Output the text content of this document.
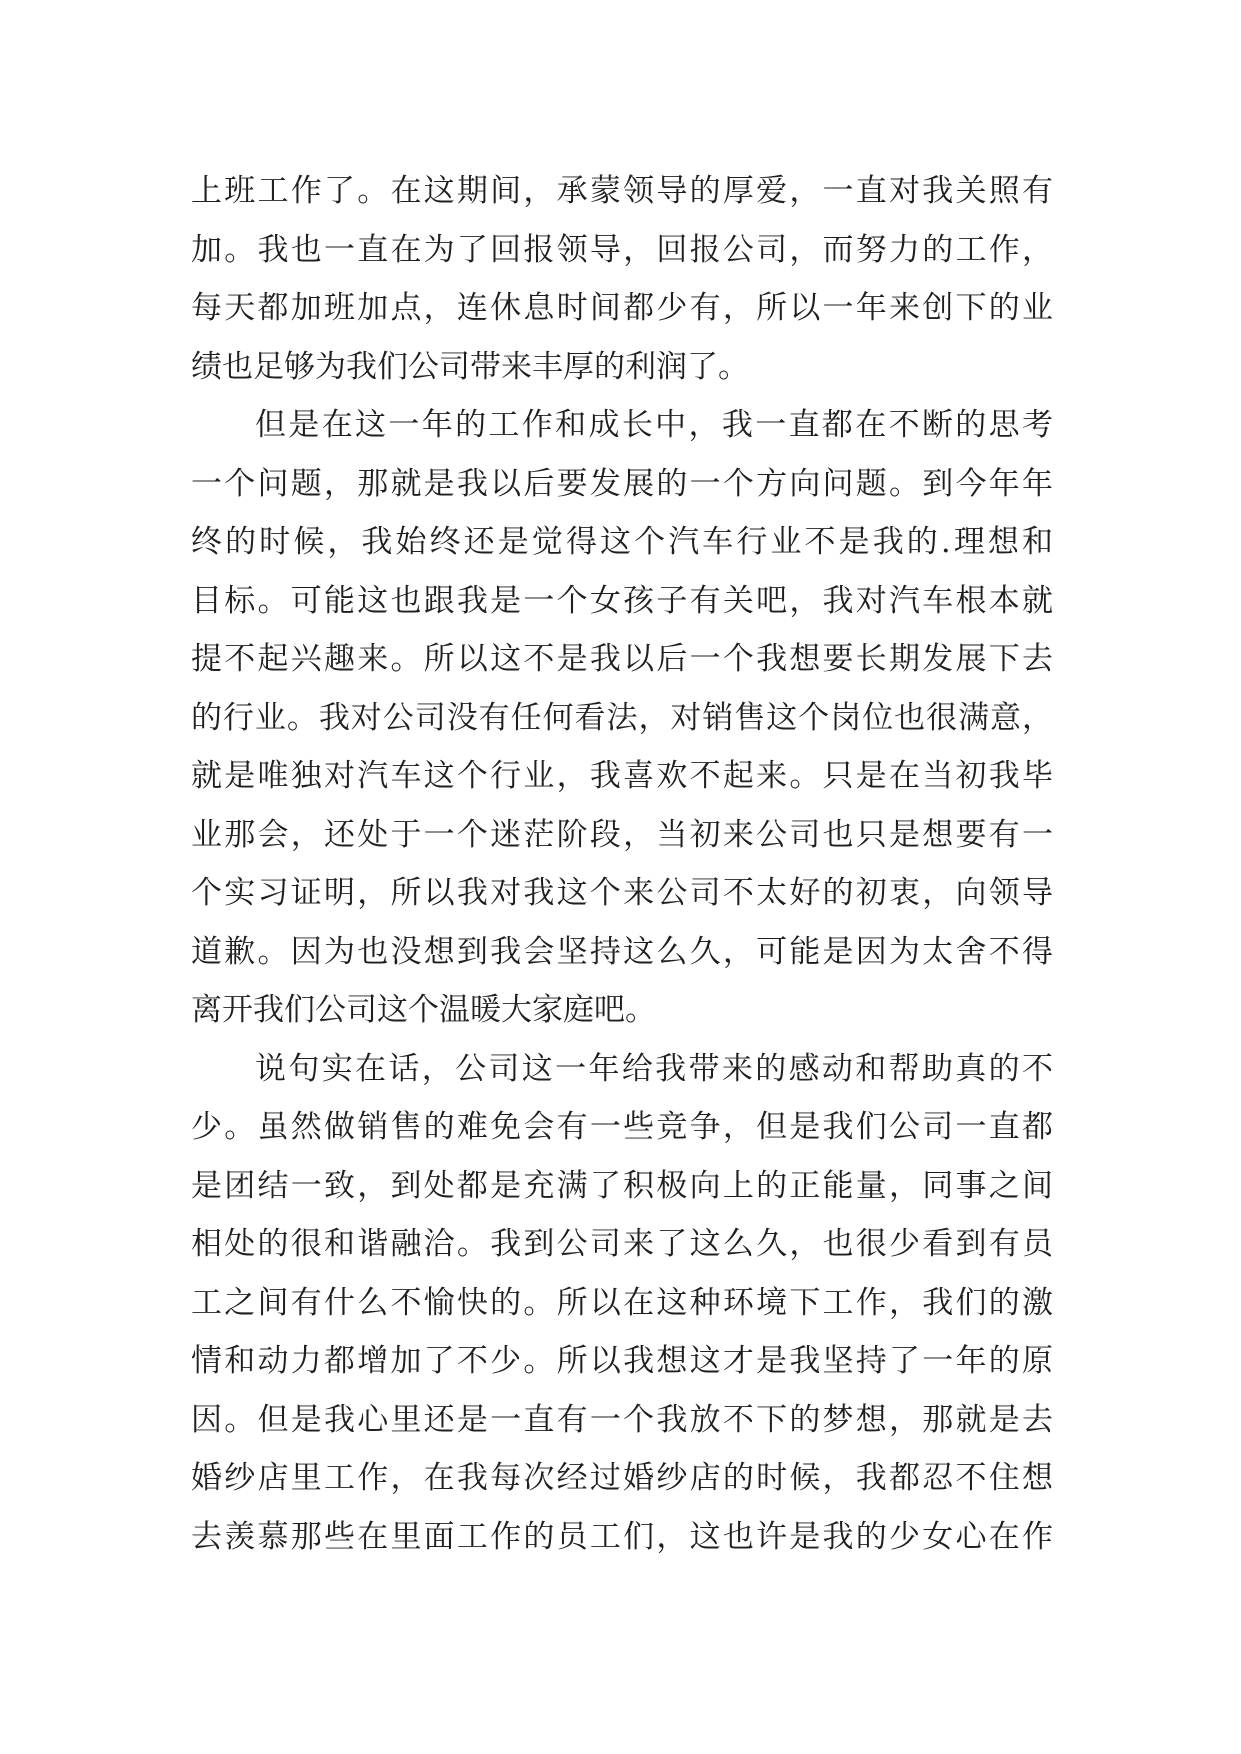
上班工作了。在这期间，承蒙领导的厚爱，一直对我关照有
加。我也一直在为了回报领导，回报公司，而努力的工作，
每天都加班加点，连休息时间都少有，所以一年来创下的业
绩也足够为我们公司带来丰厚的利润了。
但是在这一年的工作和成长中，我一直都在不断的思考
一个问题，那就是我以后要发展的一个方向问题。到今年年
终的时候，我始终还是觉得这个汽车行业不是我的.理想和
目标。可能这也跟我是一个女孩子有关吧，我对汽车根本就
提不起兴趣来。所以这不是我以后一个我想要长期发展下去
的行业。我对公司没有任何看法，对销售这个岗位也很满意，
就是唯独对汽车这个行业，我喜欢不起来。只是在当初我毕
业那会，还处于一个迷茫阶段，当初来公司也只是想要有一
个实习证明，所以我对我这个来公司不太好的初衷，向领导
道歉。因为也没想到我会坚持这么久，可能是因为太舍不得
离开我们公司这个温暖大家庭吧。
说句实在话，公司这一年给我带来的感动和帮助真的不
少。虽然做销售的难免会有一些竞争，但是我们公司一直都
是团结一致，到处都是充满了积极向上的正能量，同事之间
相处的很和谐融洽。我到公司来了这么久，也很少看到有员
工之间有什么不愉快的。所以在这种环境下工作，我们的激
情和动力都增加了不少。所以我想这才是我坚持了一年的原
因。但是我心里还是一直有一个我放不下的梦想，那就是去
婚纱店里工作，在我每次经过婚纱店的时候，我都忍不住想
去羡慕那些在里面工作的员工们，这也许是我的少女心在作
